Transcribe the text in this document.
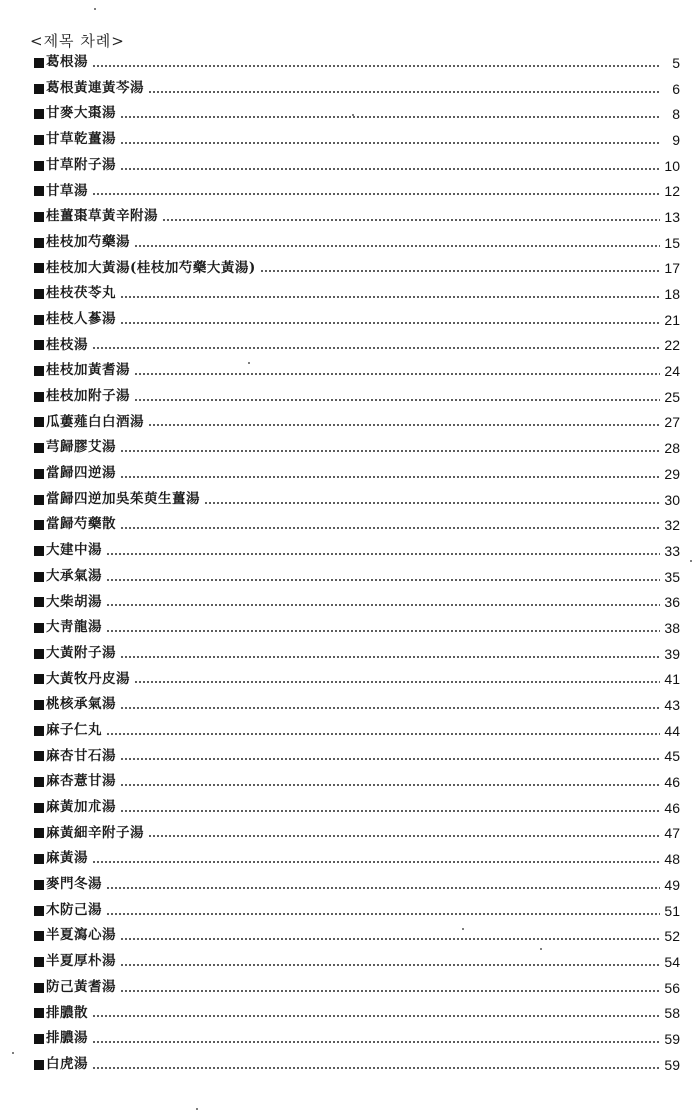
<제목 차례>
葛根湯	5
葛根黃連黃芩湯	6
甘麥大棗湯	8
甘草乾薑湯	9
甘草附子湯	10
甘草湯	12
桂薑棗草黃辛附湯	13
桂枝加芍藥湯	15
桂枝加大黃湯(桂枝加芍藥大黃湯)	17
桂枝茯苓丸	18
桂枝人蔘湯	21
桂枝湯	22
桂枝加黃耆湯	24
桂枝加附子湯	25
瓜蔞薤白白酒湯	27
芎歸膠艾湯	28
當歸四逆湯	29
當歸四逆加吳茱萸生薑湯	30
當歸芍藥散	32
大建中湯	33
大承氣湯	35
大柴胡湯	36
大靑龍湯	38
大黃附子湯	39
大黃牧丹皮湯	41
桃核承氣湯	43
麻子仁丸	44
麻杏甘石湯	45
麻杏薏甘湯	46
麻黃加朮湯	46
麻黃細辛附子湯	47
麻黃湯	48
麥門冬湯	49
木防己湯	51
半夏瀉心湯	52
半夏厚朴湯	54
防己黃耆湯	56
排膿散	58
排膿湯	59
白虎湯	59
